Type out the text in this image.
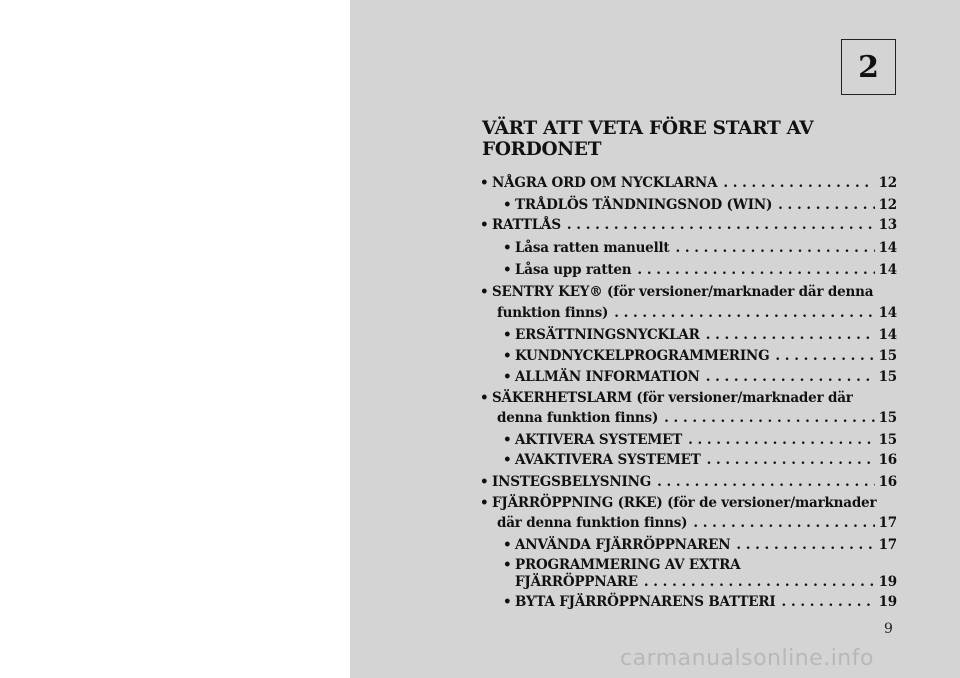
2
VÄRT ATT VETA FÖRE START AV
FORDONET
• NÅGRA ORD OM NYCKLARNA . . .	12
• TRÅDLÖS TÄNDNINGSNOD (WIN) . . .	12
• RATTLÅS . . .	13
• Låsa ratten manuellt . . .	14
• Låsa upp ratten . . .	14
• SENTRY KEY® (för versioner/marknader där denna
funktion finns) . . .	14
• ERSÄTTNINGSNYCKLAR . . .	14
• KUNDNYCKELPROGRAMMERING . . .	15
• ALLMÄN INFORMATION . . .	15
• SÄKERHETSLARM (för versioner/marknader där
denna funktion finns) . . .	15
• AKTIVERA SYSTEMET . . .	15
• AVAKTIVERA SYSTEMET . . .	16
• INSTEGSBELYSNING . . .	16
• FJÄRRÖPPNING (RKE) (för de versioner/marknader
där denna funktion finns) . . .	17
• ANVÄNDA FJÄRRÖPPNAREN . . .	17
• PROGRAMMERING AV EXTRA
FJÄRRÖPPNARE . . .	19
• BYTA FJÄRRÖPPNARENS BATTERI . . .	19
9
carmanualsonline.info
